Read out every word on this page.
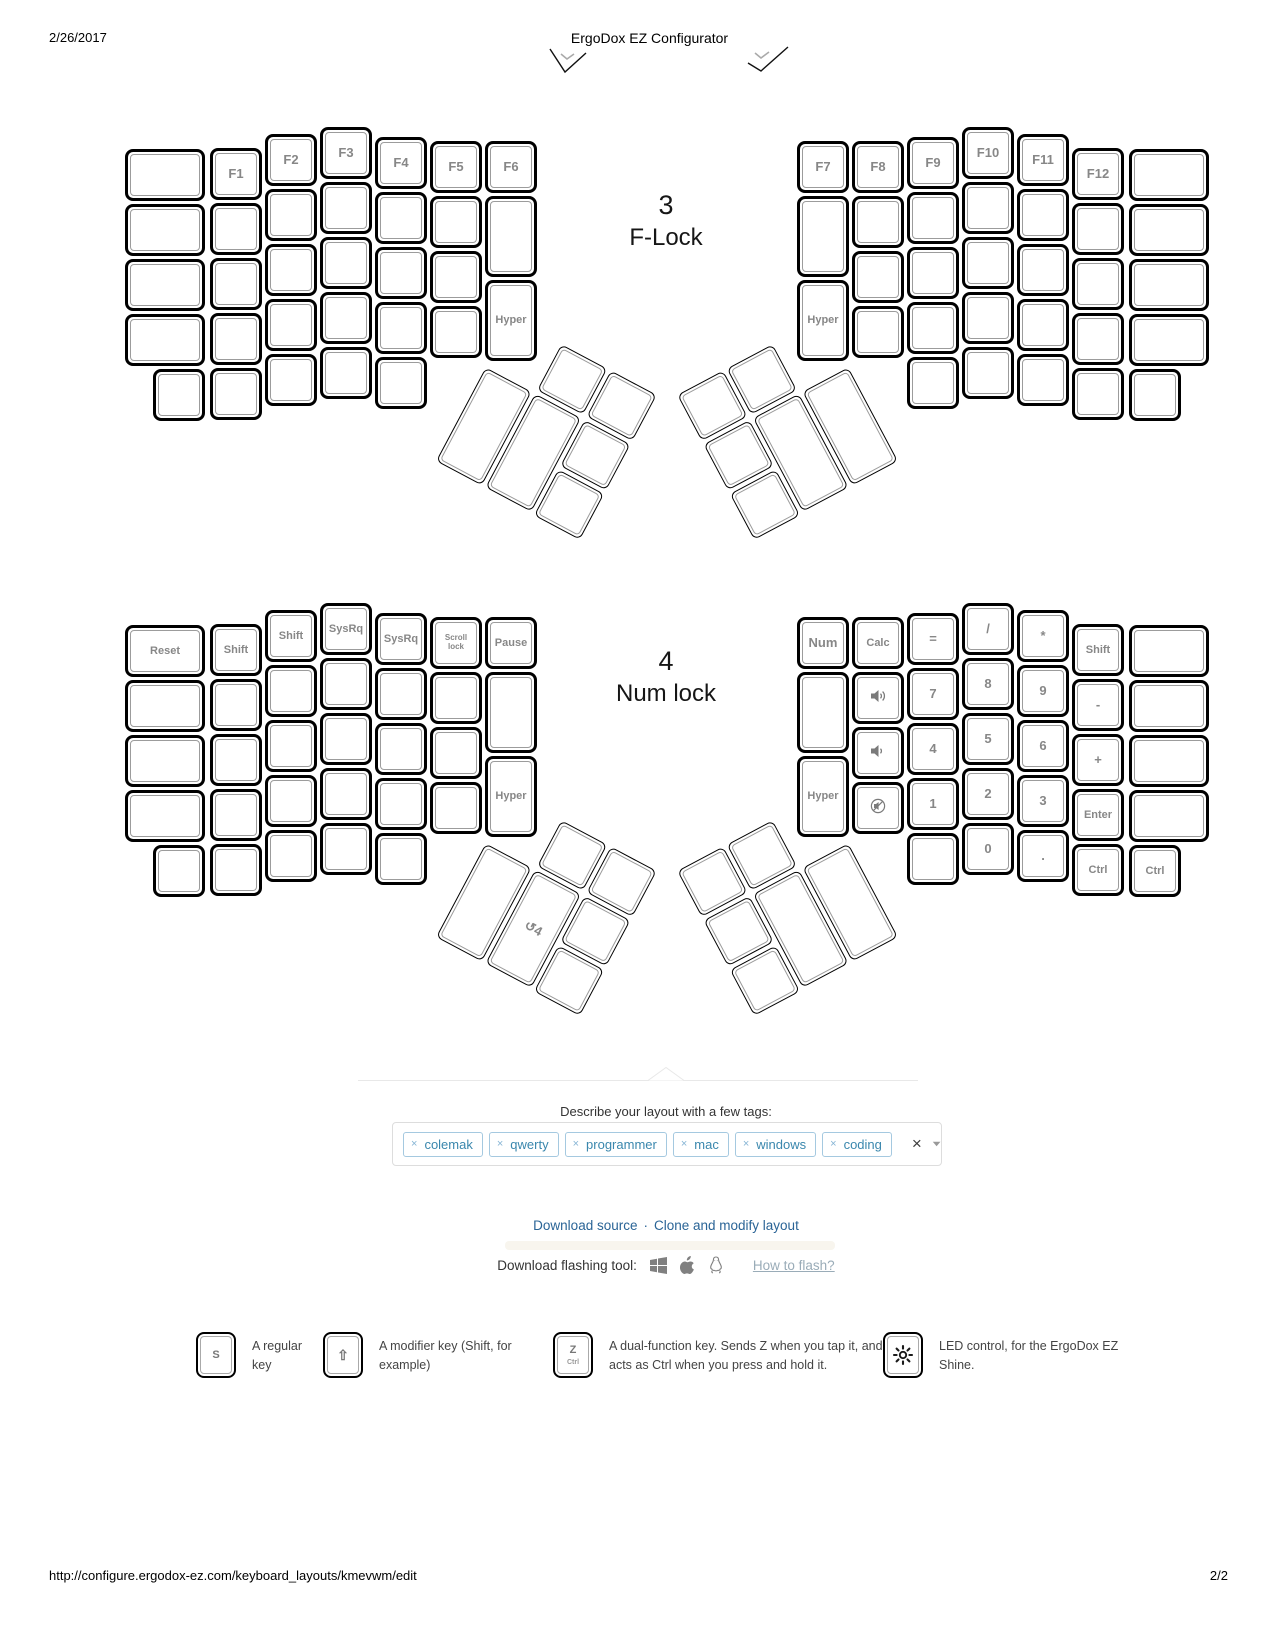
2/26/2017	ErgoDox EZ Configurator
F1
F2	F3
F4	F5	F6
Hyper
F12
F11
F10
F9
F8
F7
Hyper
Reset	Shift
Shift
SysRq
SysRq	Scroll lock	Pause
Hyper
Ctrl
Shift
-
+
Enter
Ctrl
*
9
6
3
.
/
8
5
2
0
=
7
4
1
Calc
Num
Hyper
↺4
3
F-Lock
4
Num lock
Describe your layout with a few tags:
× colemak × qwerty × programmer × mac × windows × coding ×
Download source · Clone and modify layout
Download flashing tool:	How to flash?
S
A regular key
⇧
A modifier key (Shift, for example)
Z
Ctrl
A dual-function key. Sends Z when you tap it, and acts as Ctrl when you press and hold it.
LED control, for the ErgoDox EZ Shine.
http://configure.ergodox-ez.com/keyboard_layouts/kmevwm/edit	2/2
